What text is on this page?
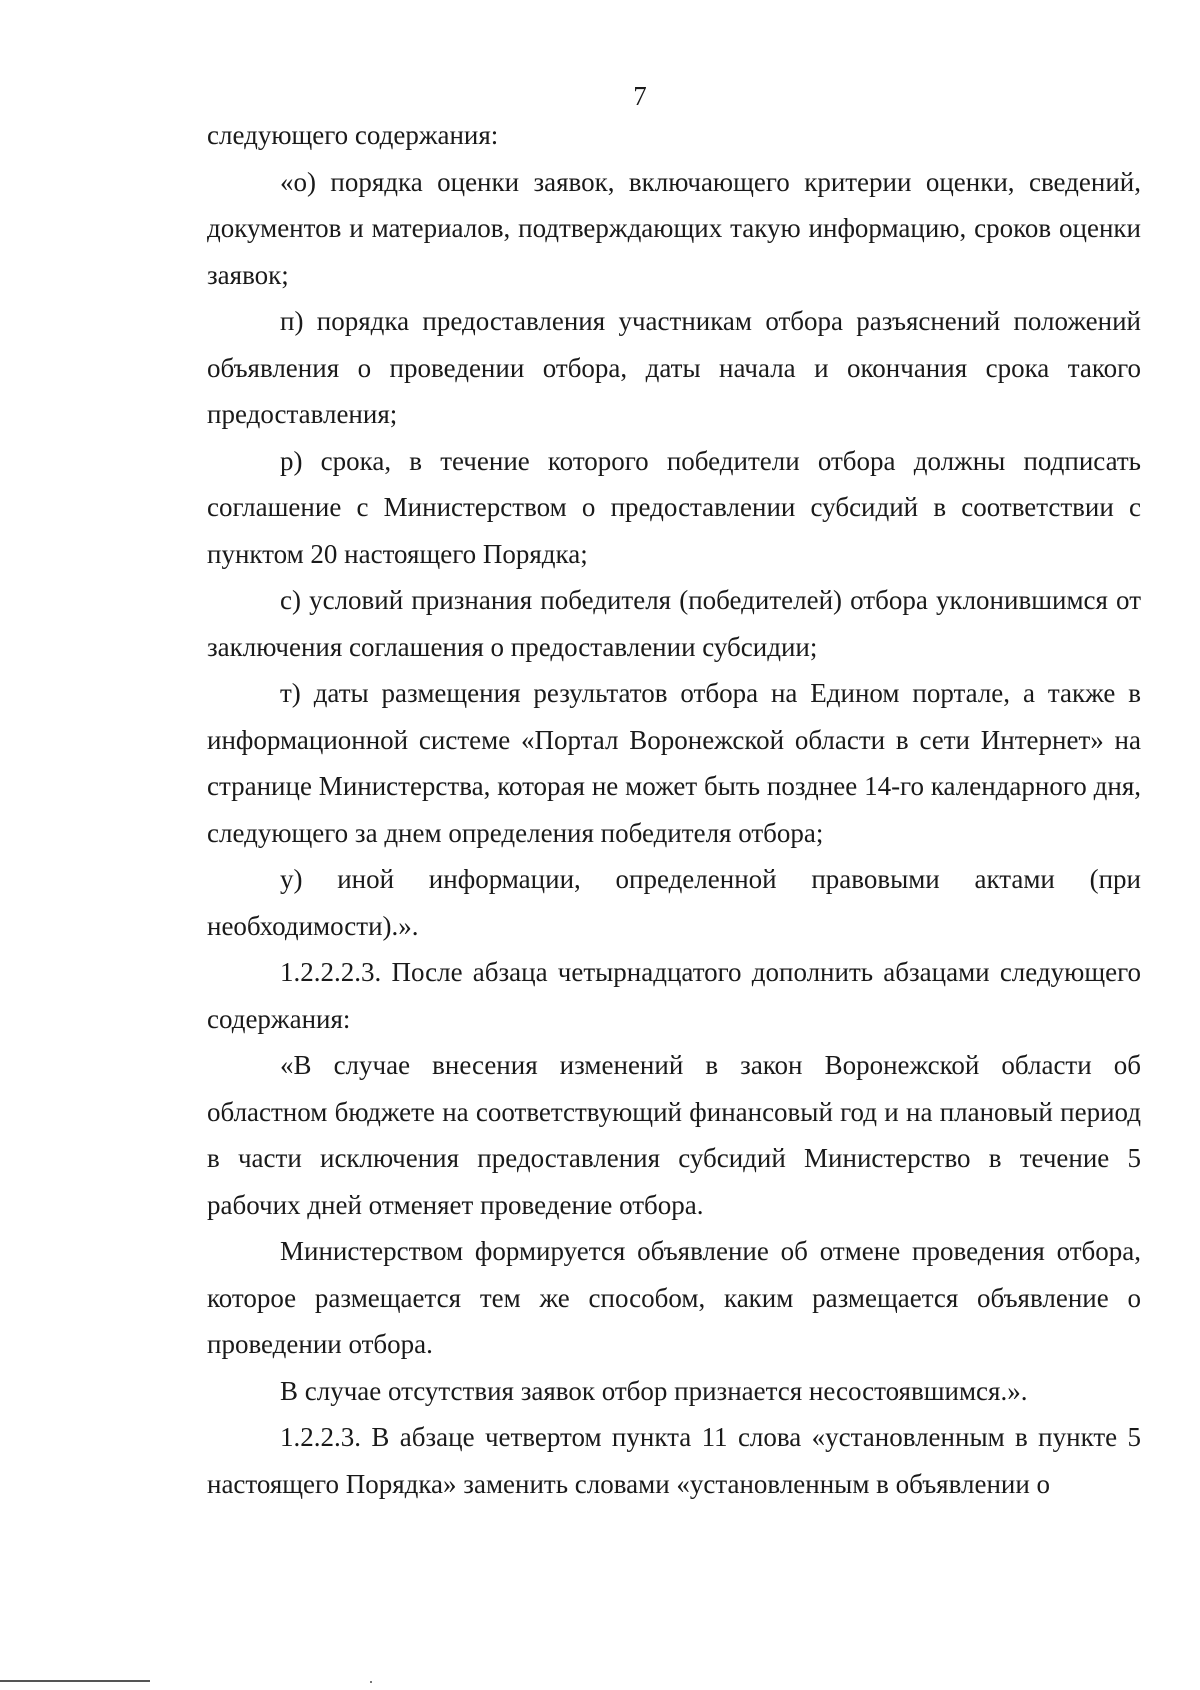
7

следующего содержания:

«о) порядка оценки заявок, включающего критерии оценки, сведений, документов и материалов, подтверждающих такую информацию, сроков оценки заявок;

п) порядка предоставления участникам отбора разъяснений положений объявления о проведении отбора, даты начала и окончания срока такого предоставления;

р) срока, в течение которого победители отбора должны подписать соглашение с Министерством о предоставлении субсидий в соответствии с пунктом 20 настоящего Порядка;

с) условий признания победителя (победителей) отбора уклонившимся от заключения соглашения о предоставлении субсидии;

т) даты размещения результатов отбора на Едином портале, а также в информационной системе «Портал Воронежской области в сети Интернет» на странице Министерства, которая не может быть позднее 14-го календарного дня, следующего за днем определения победителя отбора;

у) иной информации, определенной правовыми актами (при необходимости).».

1.2.2.2.3. После абзаца четырнадцатого дополнить абзацами следующего содержания:

«В случае внесения изменений в закон Воронежской области об областном бюджете на соответствующий финансовый год и на плановый период в части исключения предоставления субсидий Министерство в течение 5 рабочих дней отменяет проведение отбора.

Министерством формируется объявление об отмене проведения отбора, которое размещается тем же способом, каким размещается объявление о проведении отбора.

В случае отсутствия заявок отбор признается несостоявшимся.».

1.2.2.3. В абзаце четвертом пункта 11 слова «установленным в пункте 5 настоящего Порядка» заменить словами «установленным в объявлении о
